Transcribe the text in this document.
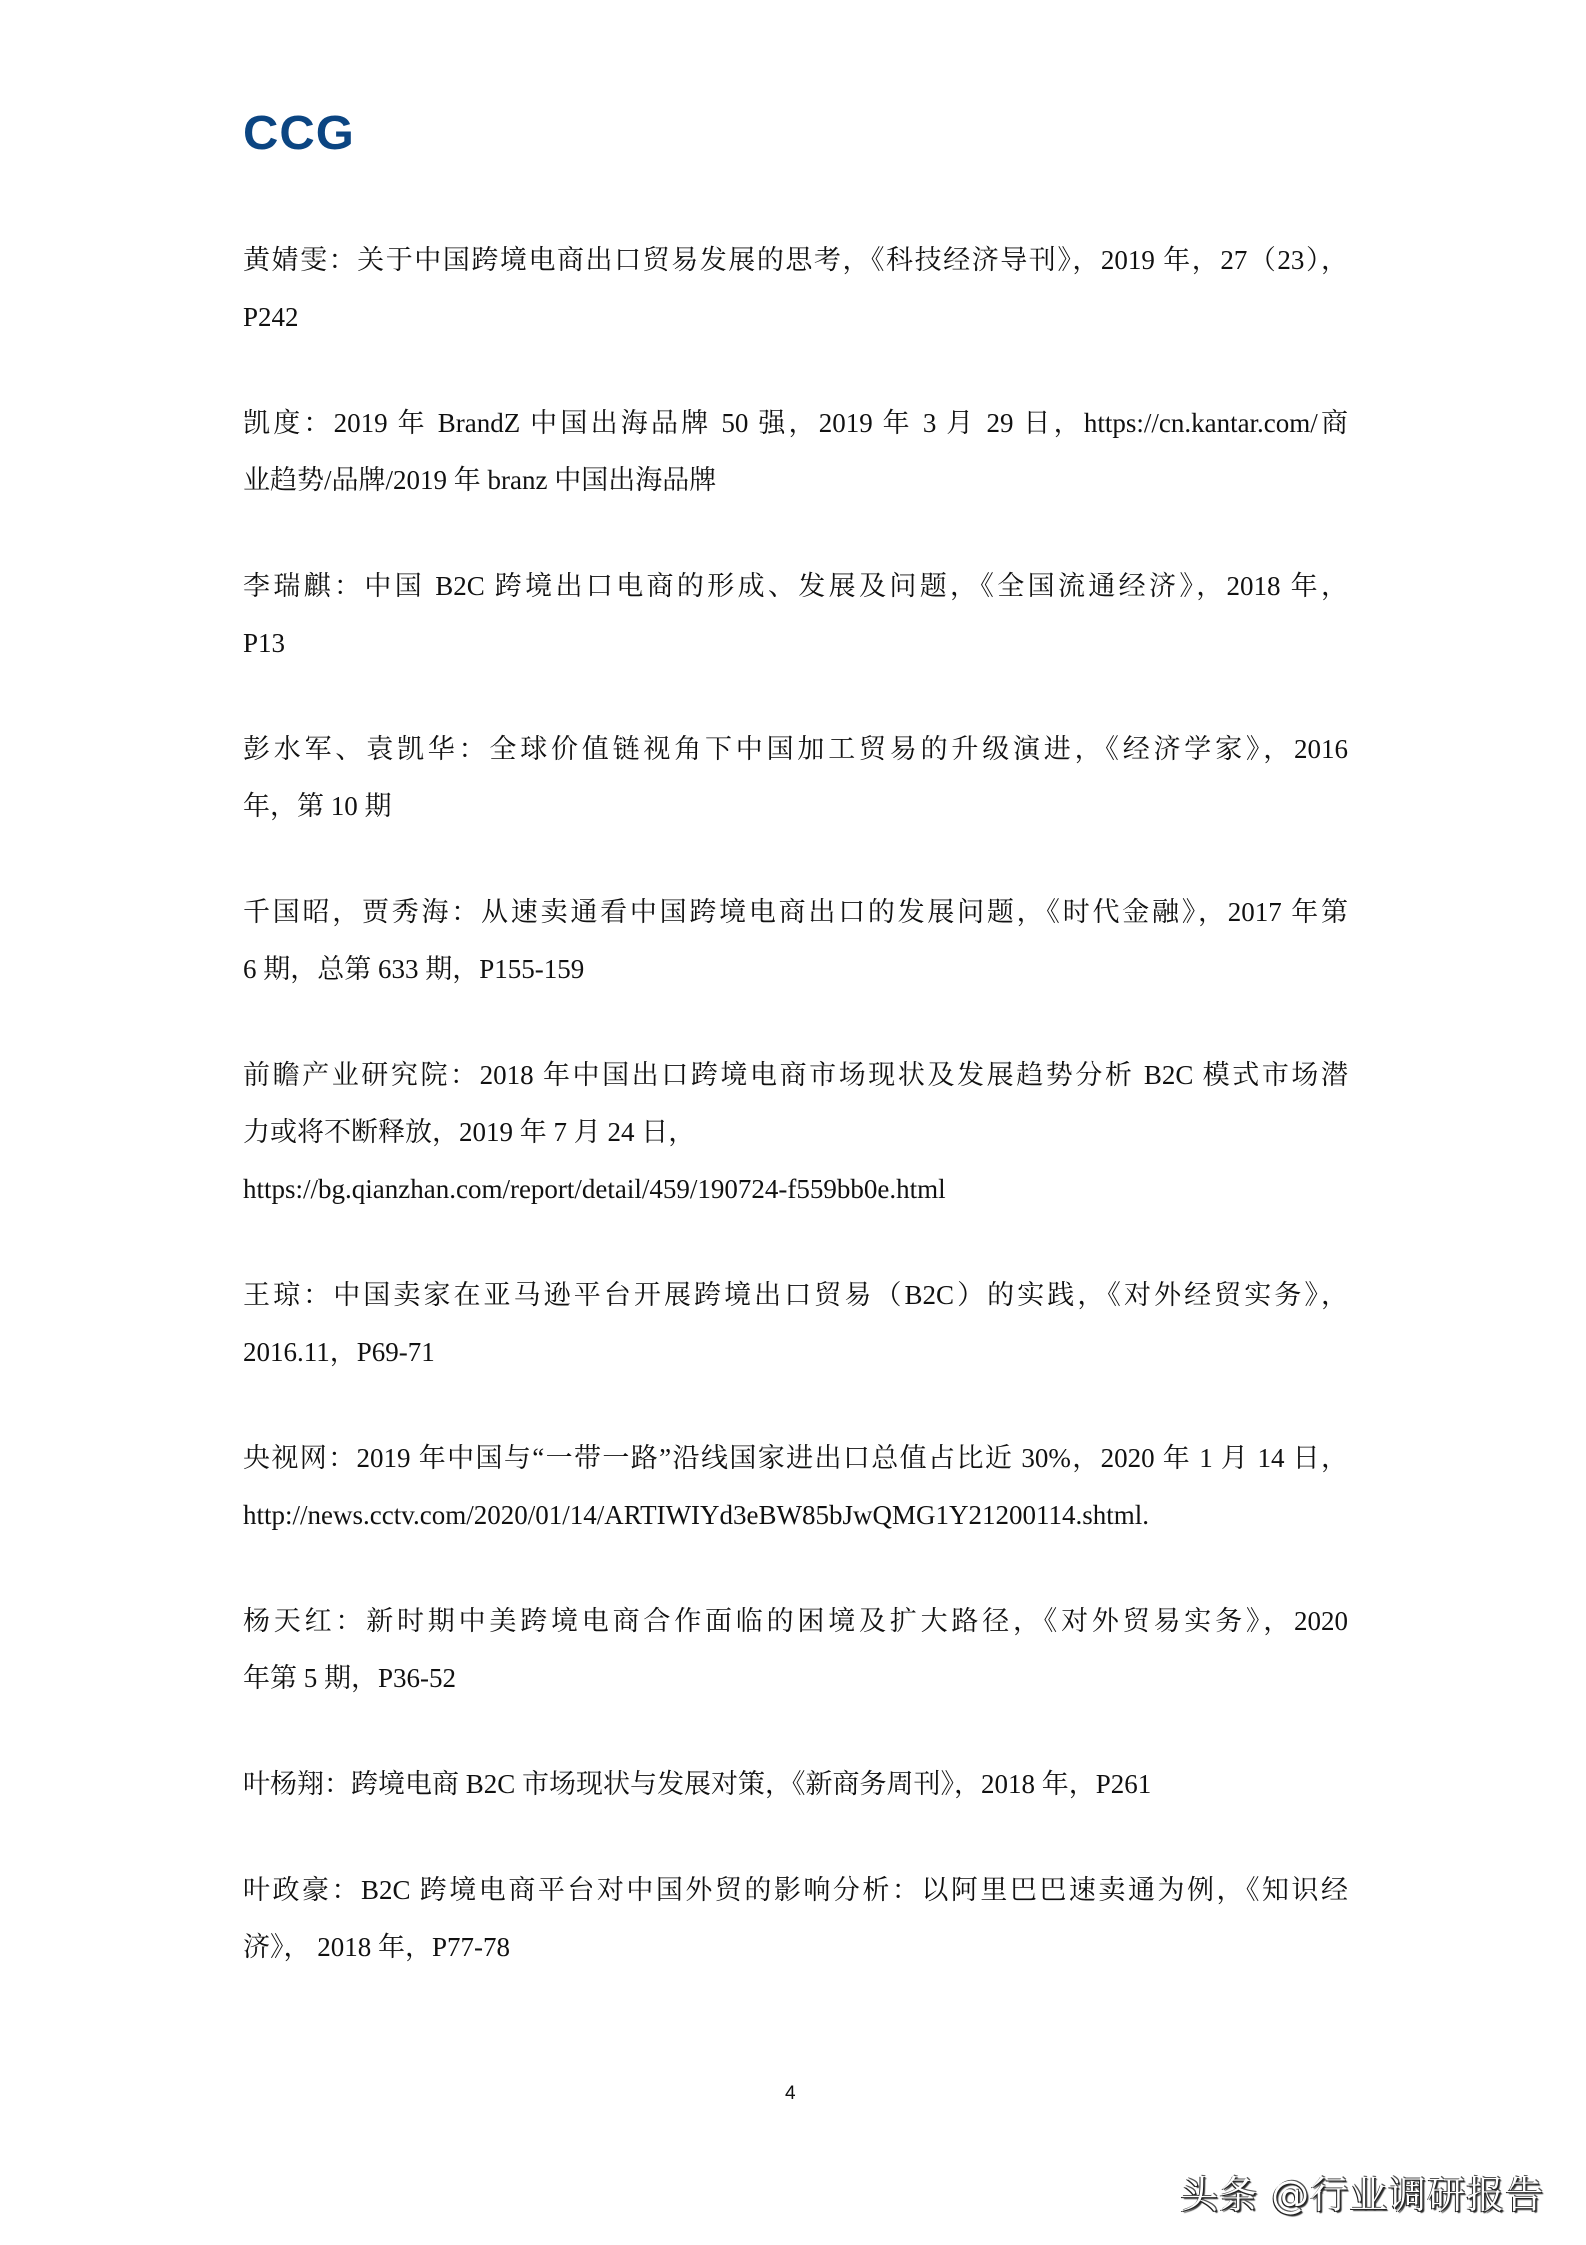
CCG
黄婧雯：关于中国跨境电商出口贸易发展的思考，《科技经济导刊》，2019 年，27（23），
P242
凯度：2019 年 BrandZ 中国出海品牌 50 强，2019 年 3 月 29 日，https://cn.kantar.com/商
业趋势/品牌/2019 年 branz 中国出海品牌
李瑞麒：中国 B2C 跨境出口电商的形成、发展及问题，《全国流通经济》，2018 年，
P13
彭水军、袁凯华：全球价值链视角下中国加工贸易的升级演进，《经济学家》，2016
年，第 10 期
千国昭，贾秀海：从速卖通看中国跨境电商出口的发展问题，《时代金融》，2017 年第
6 期，总第 633 期，P155-159
前瞻产业研究院：2018 年中国出口跨境电商市场现状及发展趋势分析 B2C 模式市场潜
力或将不断释放，2019 年 7 月 24 日，
https://bg.qianzhan.com/report/detail/459/190724-f559bb0e.html
王琼：中国卖家在亚马逊平台开展跨境出口贸易（B2C）的实践，《对外经贸实务》，
2016.11，P69-71
央视网：2019 年中国与“一带一路”沿线国家进出口总值占比近 30%，2020 年 1 月 14 日，
http://news.cctv.com/2020/01/14/ARTIWIYd3eBW85bJwQMG1Y21200114.shtml.
杨天红：新时期中美跨境电商合作面临的困境及扩大路径，《对外贸易实务》，2020
年第 5 期，P36-52
叶杨翔：跨境电商 B2C 市场现状与发展对策，《新商务周刊》，2018 年，P261
叶政豪：B2C 跨境电商平台对中国外贸的影响分析：以阿里巴巴速卖通为例，《知识经
济》， 2018 年，P77-78
4
头条 @行业调研报告
